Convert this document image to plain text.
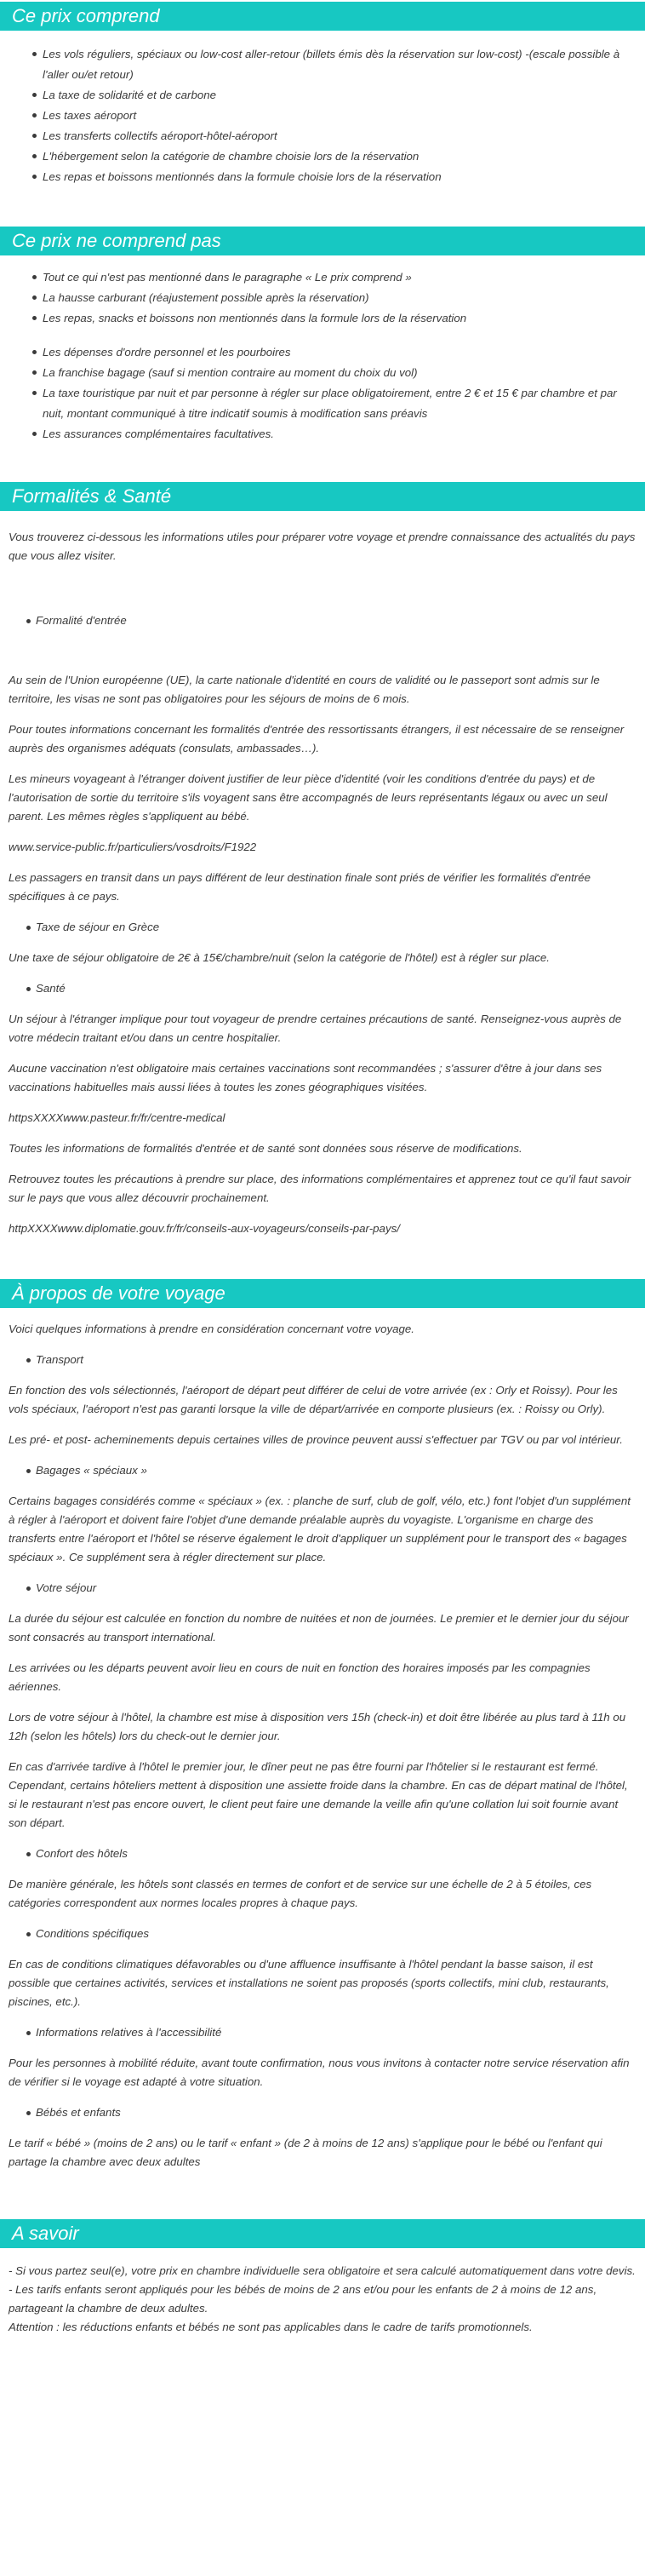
Ce prix comprend
Les vols réguliers, spéciaux ou low-cost aller-retour (billets émis dès la réservation sur low-cost) -(escale possible à l'aller ou/et retour)
La taxe de solidarité et de carbone
Les taxes aéroport
Les transferts collectifs aéroport-hôtel-aéroport
L'hébergement selon la catégorie de chambre choisie lors de la réservation
Les repas et boissons mentionnés dans la formule choisie lors de la réservation
Ce prix ne comprend pas
Tout ce qui n'est pas mentionné dans le paragraphe « Le prix comprend »
La hausse carburant (réajustement possible après la réservation)
Les repas, snacks et boissons non mentionnés dans la formule lors de la réservation
Les dépenses d'ordre personnel et les pourboires
La franchise bagage (sauf si mention contraire au moment du choix du vol)
La taxe touristique par nuit et par personne à régler sur place obligatoirement, entre 2 € et 15 € par chambre et par nuit, montant communiqué à titre indicatif soumis à modification sans préavis
Les assurances complémentaires facultatives.
Formalités & Santé

Vous trouverez ci-dessous les informations utiles pour préparer votre voyage et prendre connaissance des actualités du pays que vous allez visiter.

Formalité d'entrée

Au sein de l'Union européenne (UE), la carte nationale d'identité en cours de validité ou le passeport sont admis sur le territoire, les visas ne sont pas obligatoires pour les séjours de moins de 6 mois.

Pour toutes informations concernant les formalités d'entrée des ressortissants étrangers, il est nécessaire de se renseigner auprès des organismes adéquats (consulats, ambassades…).

Les mineurs voyageant à l'étranger doivent justifier de leur pièce d'identité (voir les conditions d'entrée du pays) et de l'autorisation de sortie du territoire s'ils voyagent sans être accompagnés de leurs représentants légaux ou avec un seul parent. Les mêmes règles s'appliquent au bébé.

www.service-public.fr/particuliers/vosdroits/F1922

Les passagers en transit dans un pays différent de leur destination finale sont priés de vérifier les formalités d'entrée spécifiques à ce pays.

Taxe de séjour en Grèce

Une taxe de séjour obligatoire de 2€ à 15€/chambre/nuit (selon la catégorie de l'hôtel) est à régler sur place.

Santé

Un séjour à l'étranger implique pour tout voyageur de prendre certaines précautions de santé. Renseignez-vous auprès de votre médecin traitant et/ou dans un centre hospitalier.

Aucune vaccination n'est obligatoire mais certaines vaccinations sont recommandées ; s'assurer d'être à jour dans ses vaccinations habituelles mais aussi liées à toutes les zones géographiques visitées.

httpsXXXXwww.pasteur.fr/fr/centre-medical

Toutes les informations de formalités d'entrée et de santé sont données sous réserve de modifications.

Retrouvez toutes les précautions à prendre sur place, des informations complémentaires et apprenez tout ce qu'il faut savoir sur le pays que vous allez découvrir prochainement.

httpXXXXwww.diplomatie.gouv.fr/fr/conseils-aux-voyageurs/conseils-par-pays/

À propos de votre voyage

Voici quelques informations à prendre en considération concernant votre voyage.

Transport

En fonction des vols sélectionnés, l'aéroport de départ peut différer de celui de votre arrivée (ex : Orly et Roissy). Pour les vols spéciaux, l'aéroport n'est pas garanti lorsque la ville de départ/arrivée en comporte plusieurs (ex. : Roissy ou Orly).

Les pré- et post- acheminements depuis certaines villes de province peuvent aussi s'effectuer par TGV ou par vol intérieur.

Bagages « spéciaux »

Certains bagages considérés comme « spéciaux » (ex. : planche de surf, club de golf, vélo, etc.) font l'objet d'un supplément à régler à l'aéroport et doivent faire l'objet d'une demande préalable auprès du voyagiste. L'organisme en charge des transferts entre l'aéroport et l'hôtel se réserve également le droit d'appliquer un supplément pour le transport des « bagages spéciaux ». Ce supplément sera à régler directement sur place.

Votre séjour

La durée du séjour est calculée en fonction du nombre de nuitées et non de journées. Le premier et le dernier jour du séjour sont consacrés au transport international.

Les arrivées ou les départs peuvent avoir lieu en cours de nuit en fonction des horaires imposés par les compagnies aériennes.

Lors de votre séjour à l'hôtel, la chambre est mise à disposition vers 15h (check-in) et doit être libérée au plus tard à 11h ou 12h (selon les hôtels) lors du check-out le dernier jour.

En cas d'arrivée tardive à l'hôtel le premier jour, le dîner peut ne pas être fourni par l'hôtelier si le restaurant est fermé. Cependant, certains hôteliers mettent à disposition une assiette froide dans la chambre. En cas de départ matinal de l'hôtel, si le restaurant n'est pas encore ouvert, le client peut faire une demande la veille afin qu'une collation lui soit fournie avant son départ.

Confort des hôtels

De manière générale, les hôtels sont classés en termes de confort et de service sur une échelle de 2 à 5 étoiles, ces catégories correspondent aux normes locales propres à chaque pays.

Conditions spécifiques

En cas de conditions climatiques défavorables ou d'une affluence insuffisante à l'hôtel pendant la basse saison, il est possible que certaines activités, services et installations ne soient pas proposés (sports collectifs, mini club, restaurants, piscines, etc.).

Informations relatives à l'accessibilité

Pour les personnes à mobilité réduite, avant toute confirmation, nous vous invitons à contacter notre service réservation afin de vérifier si le voyage est adapté à votre situation.

Bébés et enfants

Le tarif « bébé » (moins de 2 ans) ou le tarif « enfant » (de 2 à moins de 12 ans) s'applique pour le bébé ou l'enfant qui partage la chambre avec deux adultes

A savoir

- Si vous partez seul(e), votre prix en chambre individuelle sera obligatoire et sera calculé automatiquement dans votre devis.

- Les tarifs enfants seront appliqués pour les bébés de moins de 2 ans et/ou pour les enfants de 2 à moins de 12 ans, partageant la chambre de deux adultes.

Attention : les réductions enfants et bébés ne sont pas applicables dans le cadre de tarifs promotionnels.
